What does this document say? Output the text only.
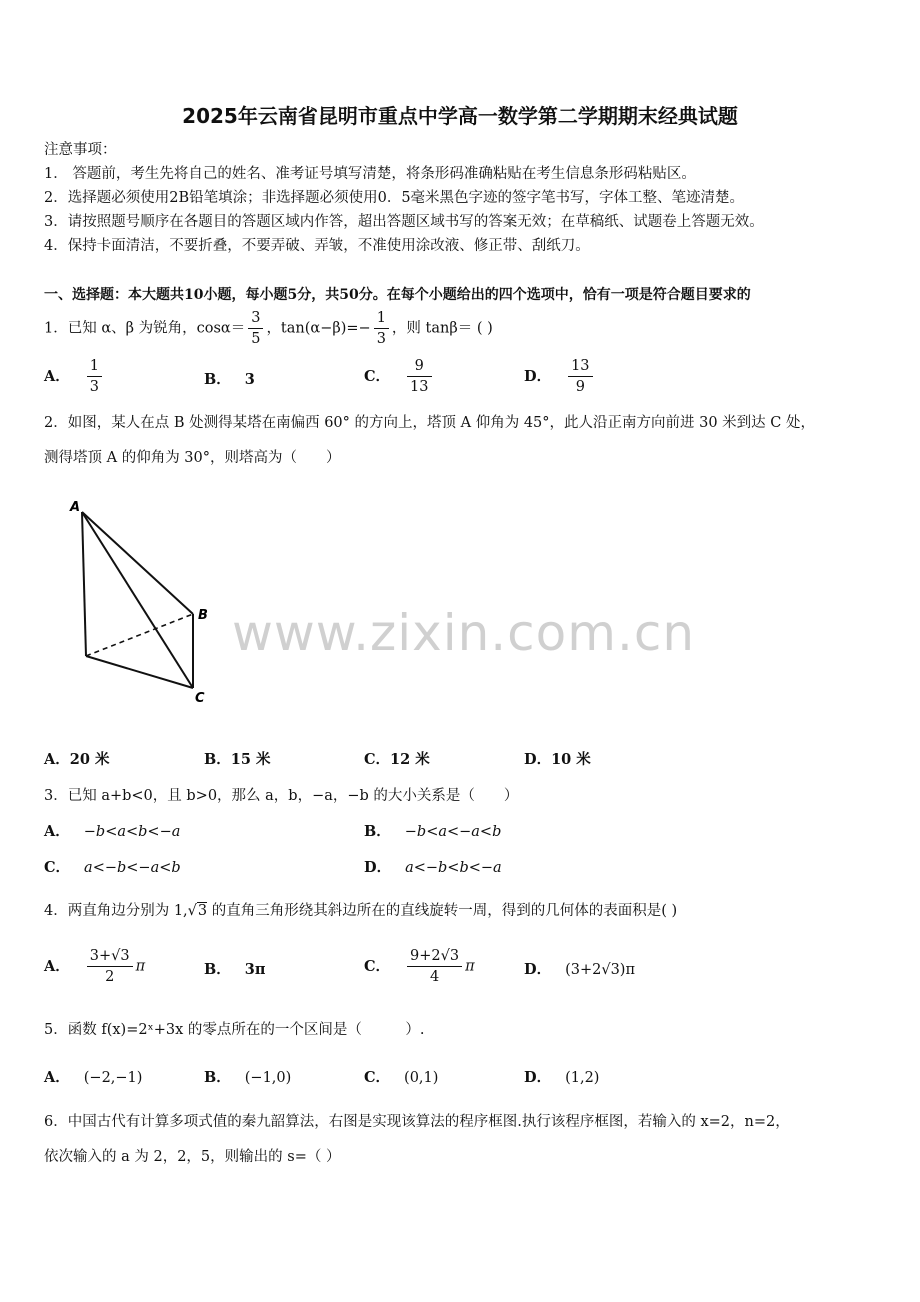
2025年云南省昆明市重点中学高一数学第二学期期末经典试题
注意事项：
1． 答题前，考生先将自己的姓名、准考证号填写清楚，将条形码准确粘贴在考生信息条形码粘贴区。
2．选择题必须使用2B铅笔填涂；非选择题必须使用0．5毫米黑色字迹的签字笔书写，字体工整、笔迹清楚。
3．请按照题号顺序在各题目的答题区域内作答，超出答题区域书写的答案无效；在草稿纸、试题卷上答题无效。
4．保持卡面清洁，不要折叠，不要弄破、弄皱，不准使用涂改液、修正带、刮纸刀。
一、选择题：本大题共10小题，每小题5分，共50分。在每个小题给出的四个选项中，恰有一项是符合题目要求的
1．已知 α、β 为锐角，$\cos\alpha= \frac{3}{5}$ ，$\tan(\alpha-\beta)=- \frac{1}{3}$ ，则 tanβ＝ ( )
A． $\frac{1}{3}$	B． 3	C． $\frac{9}{13}$	D． $\frac{13}{9}$
2．如图，某人在点 B 处测得某塔在南偏西 60° 的方向上，塔顶 A 仰角为 45°，此人沿正南方向前进 30 米到达 C 处，
测得塔顶 A 的仰角为 30°，则塔高为（　　）
A
B
C
www.zixin.com.cn
A．20 米	B．15 米	C．12 米	D．10 米
3．已知 a+b<0，且 b>0，那么 a，b，−a，−b 的大小关系是（　　）
A． −b<a<b<−a	B． −b<a<−a<b
C． a<−b<−a<b	D． a<−b<b<−a
4．两直角边分别为 1,√3 的直角三角形绕其斜边所在的直线旋转一周，得到的几何体的表面积是( )
A． $\frac{3+√3}{2}$ π	B． 3π	C． $\frac{9+2√3}{4}$ π	D． (3+2√3)π
5．函数 f(x)=2ˣ+3x 的零点所在的一个区间是（　　　）.
A． (−2,−1)	B． (−1,0)	C． (0,1)	D． (1,2)
6．中国古代有计算多项式值的秦九韶算法，右图是实现该算法的程序框图.执行该程序框图，若输入的 x=2，n=2，
依次输入的 a 为 2，2，5，则输出的 s=（ ）
